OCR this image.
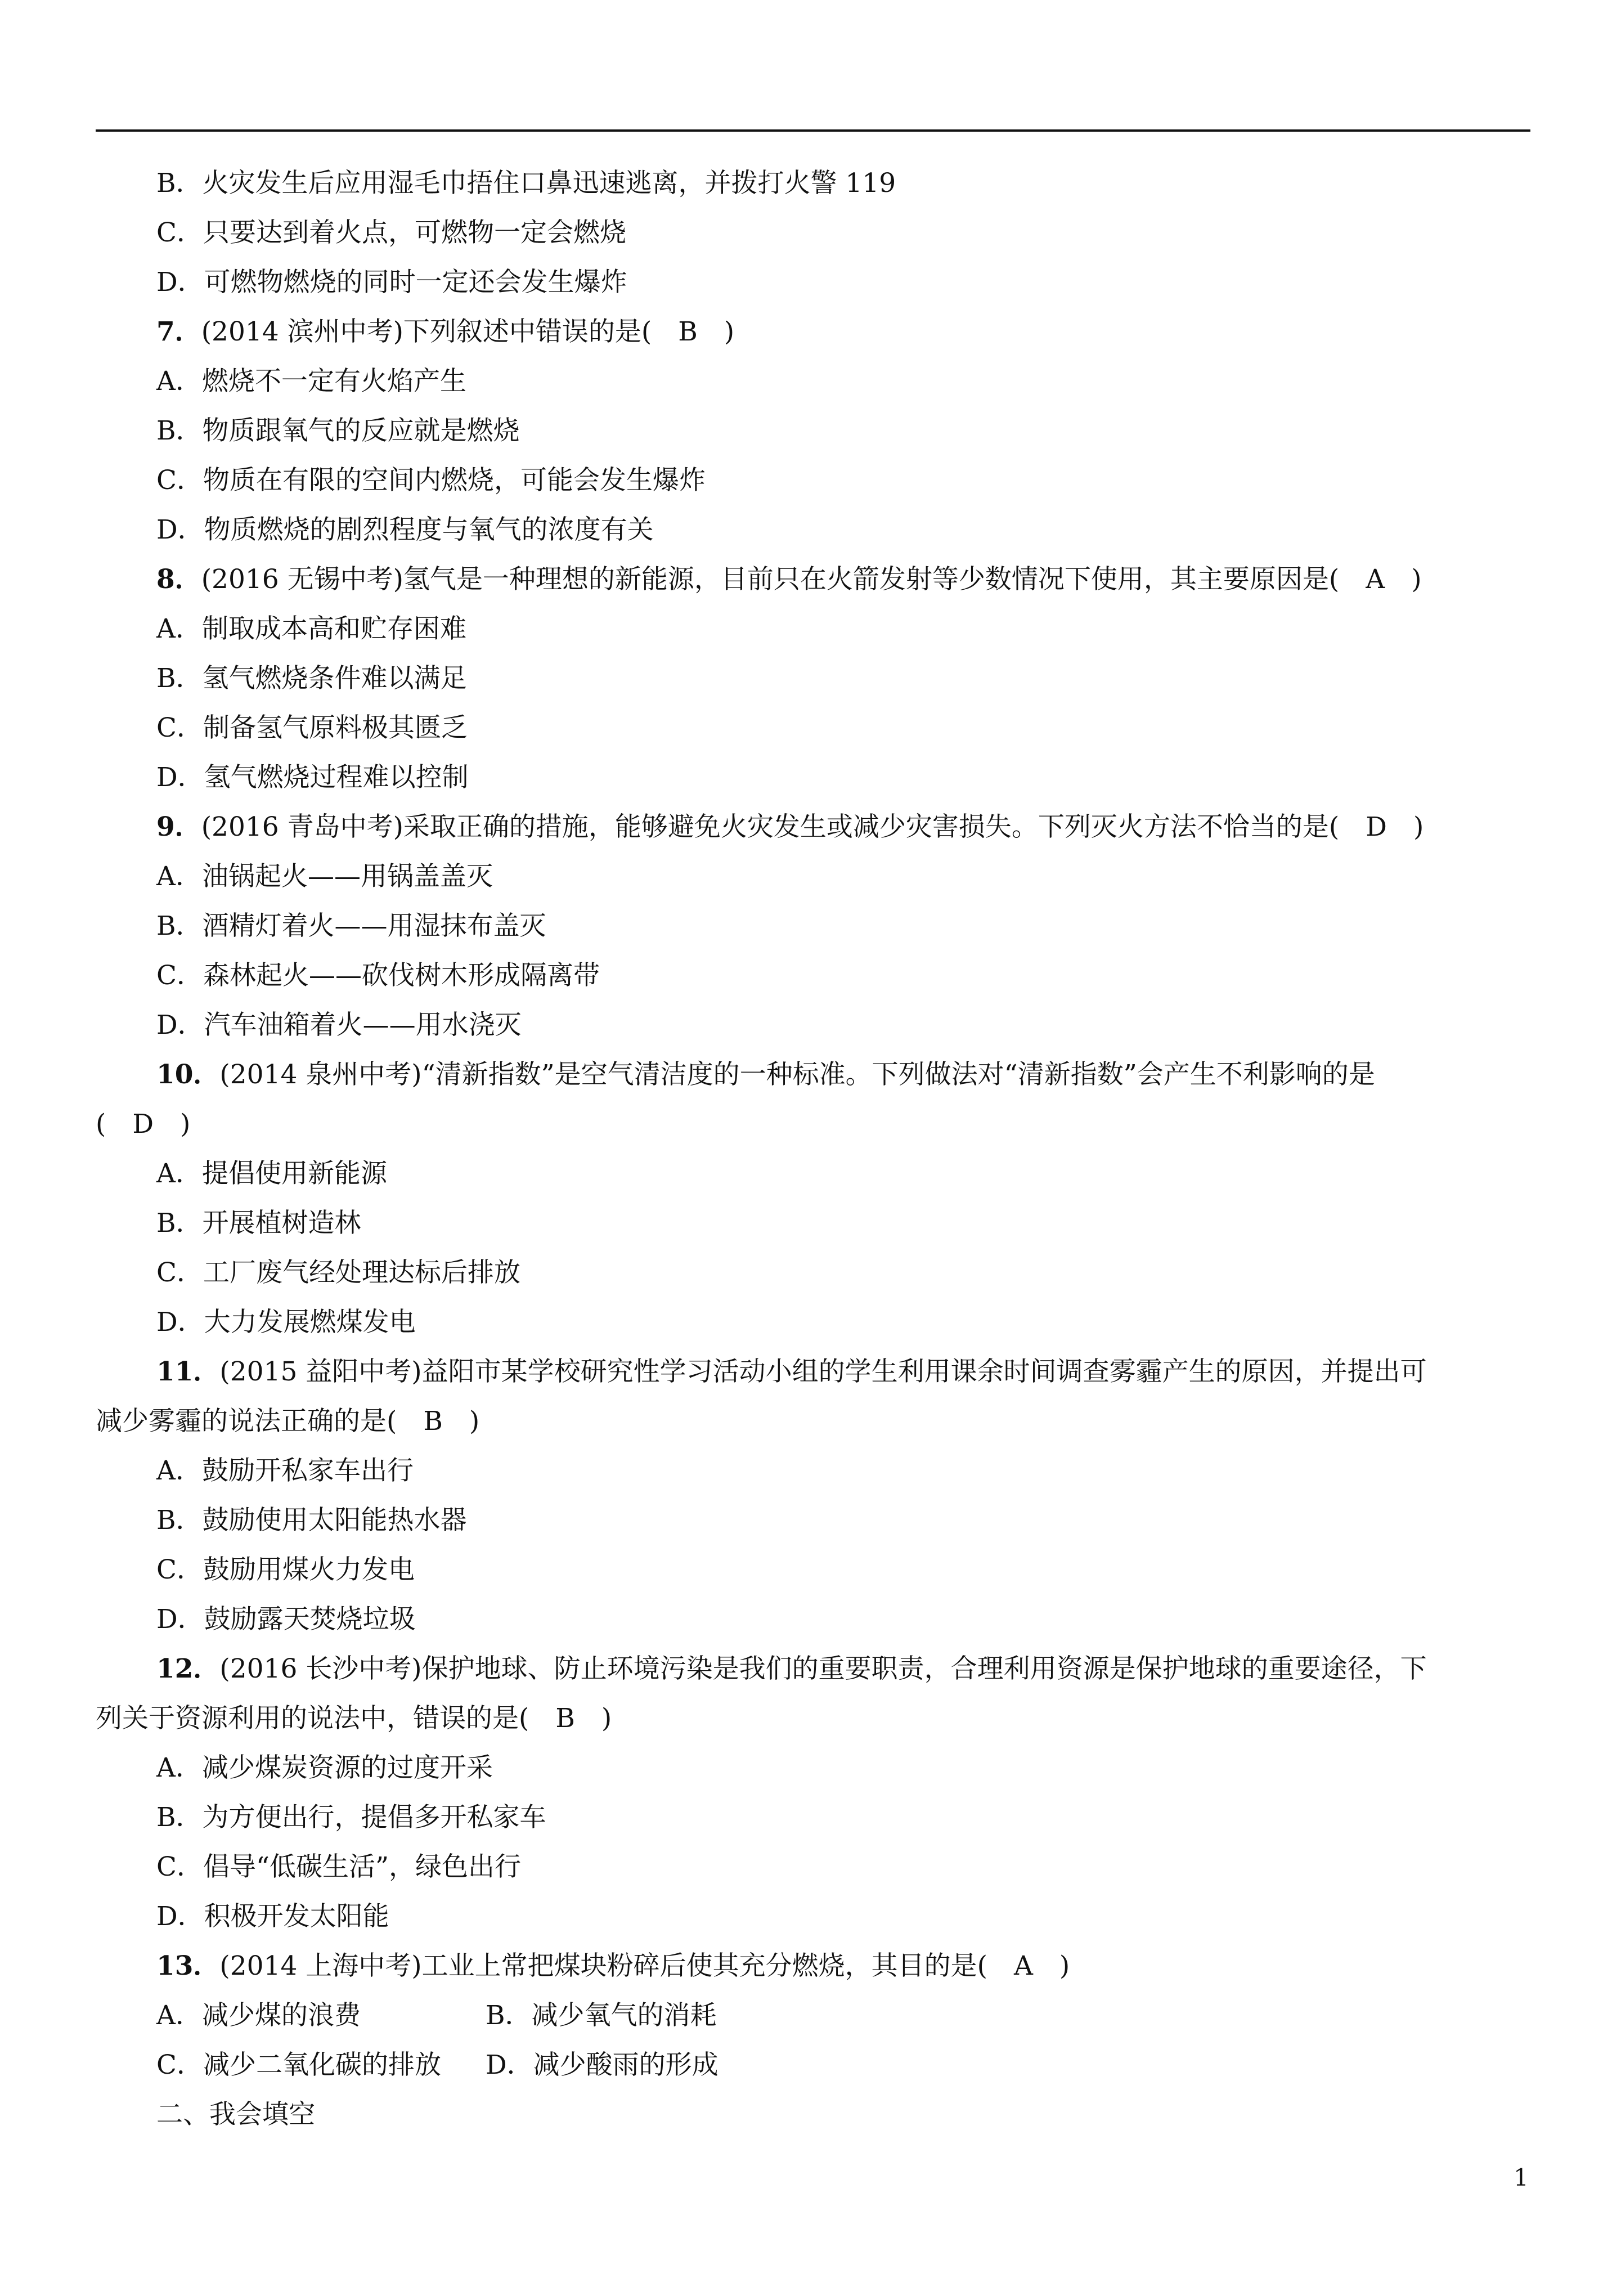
B．火灾发生后应用湿毛巾捂住口鼻迅速逃离，并拨打火警 119
C．只要达到着火点，可燃物一定会燃烧
D．可燃物燃烧的同时一定还会发生爆炸
7．(2014 滨州中考)下列叙述中错误的是(　B　)
A．燃烧不一定有火焰产生
B．物质跟氧气的反应就是燃烧
C．物质在有限的空间内燃烧，可能会发生爆炸
D．物质燃烧的剧烈程度与氧气的浓度有关
8．(2016 无锡中考)氢气是一种理想的新能源，目前只在火箭发射等少数情况下使用，其主要原因是(　A　)
A．制取成本高和贮存困难
B．氢气燃烧条件难以满足
C．制备氢气原料极其匮乏
D．氢气燃烧过程难以控制
9．(2016 青岛中考)采取正确的措施，能够避免火灾发生或减少灾害损失。下列灭火方法不恰当的是(　D　)
A．油锅起火——用锅盖盖灭
B．酒精灯着火——用湿抹布盖灭
C．森林起火——砍伐树木形成隔离带
D．汽车油箱着火——用水浇灭
10．(2014 泉州中考)“清新指数”是空气清洁度的一种标准。下列做法对“清新指数”会产生不利影响的是
(　D　)
A．提倡使用新能源
B．开展植树造林
C．工厂废气经处理达标后排放
D．大力发展燃煤发电
11．(2015 益阳中考)益阳市某学校研究性学习活动小组的学生利用课余时间调查雾霾产生的原因，并提出可
减少雾霾的说法正确的是(　B　)
A．鼓励开私家车出行
B．鼓励使用太阳能热水器
C．鼓励用煤火力发电
D．鼓励露天焚烧垃圾
12．(2016 长沙中考)保护地球、防止环境污染是我们的重要职责，合理利用资源是保护地球的重要途径，下
列关于资源利用的说法中，错误的是(　B　)
A．减少煤炭资源的过度开采
B．为方便出行，提倡多开私家车
C．倡导“低碳生活”，绿色出行
D．积极开发太阳能
13．(2014 上海中考)工业上常把煤块粉碎后使其充分燃烧，其目的是(　A　)
A．减少煤的浪费	B．减少氧气的消耗
C．减少二氧化碳的排放 D．减少酸雨的形成
二、我会填空
1
